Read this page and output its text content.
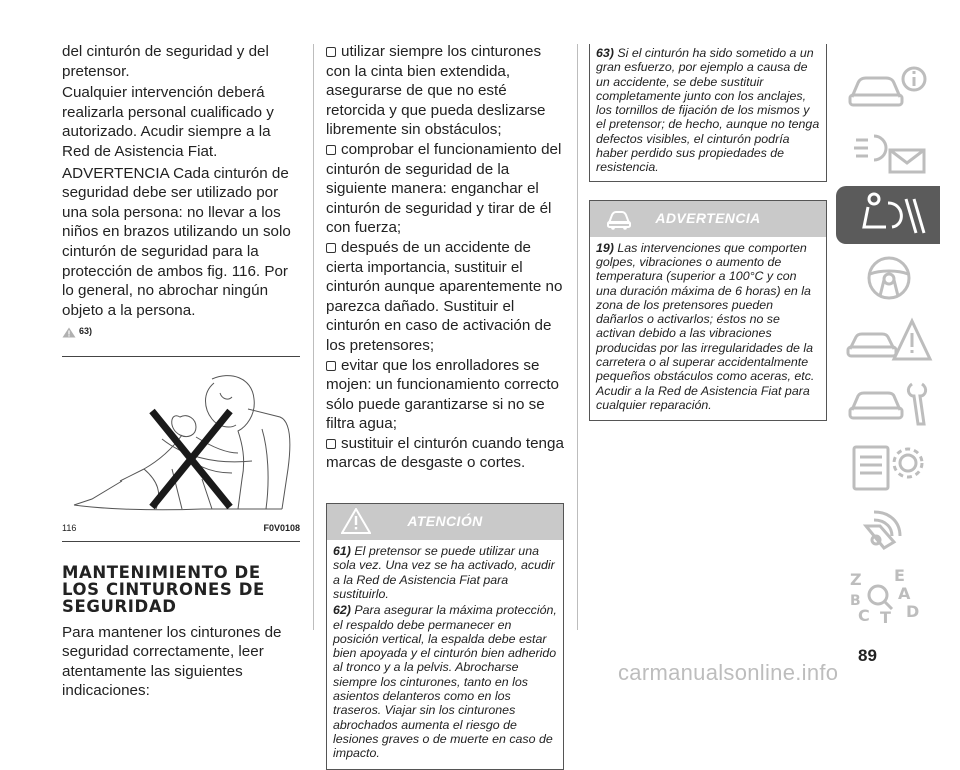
del cinturón de seguridad y del pretensor.

Cualquier intervención deberá realizarla personal cualificado y autorizado. Acudir siempre a la Red de Asistencia Fiat.

ADVERTENCIA Cada cinturón de seguridad debe ser utilizado por una sola persona: no llevar a los niños en brazos utilizando un solo cinturón de seguridad para la protección de ambos fig. 116. Por lo general, no abrochar ningún objeto a la persona.

63)
116	F0V0108
MANTENIMIENTO DE LOS CINTURONES DE SEGURIDAD

Para mantener los cinturones de seguridad correctamente, leer atentamente las siguientes indicaciones:

utilizar siempre los cinturones con la cinta bien extendida, asegurarse de que no esté retorcida y que pueda deslizarse libremente sin obstáculos;
comprobar el funcionamiento del cinturón de seguridad de la siguiente manera: enganchar el cinturón de seguridad y tirar de él con fuerza;
después de un accidente de cierta importancia, sustituir el cinturón aunque aparentemente no parezca dañado. Sustituir el cinturón en caso de activación de los pretensores;
evitar que los enrolladores se mojen: un funcionamiento correcto sólo puede garantizarse si no se filtra agua;
sustituir el cinturón cuando tenga marcas de desgaste o cortes.
ATENCIÓN

61) El pretensor se puede utilizar una sola vez. Una vez se ha activado, acudir a la Red de Asistencia Fiat para sustituirlo.

62) Para asegurar la máxima protección, el respaldo debe permanecer en posición vertical, la espalda debe estar bien apoyada y el cinturón bien adherido al tronco y a la pelvis. Abrocharse siempre los cinturones, tanto en los asientos delanteros como en los traseros. Viajar sin los cinturones abrochados aumenta el riesgo de lesiones graves o de muerte en caso de impacto.

63) Si el cinturón ha sido sometido a un gran esfuerzo, por ejemplo a causa de un accidente, se debe sustituir completamente junto con los anclajes, los tornillos de fijación de los mismos y el pretensor; de hecho, aunque no tenga defectos visibles, el cinturón podría haber perdido sus propiedades de resistencia.
ADVERTENCIA

19) Las intervenciones que comporten golpes, vibraciones o aumento de temperatura (superior a 100°C y con una duración máxima de 6 horas) en la zona de los pretensores pueden dañarlos o activarlos; éstos no se activan debido a las vibraciones producidas por las irregularidades de la carretera o al superar accidentalmente pequeños obstáculos como aceras, etc. Acudir a la Red de Asistencia Fiat para cualquier reparación.

Z E
A
B
C T D
89
carmanualsonline.info
